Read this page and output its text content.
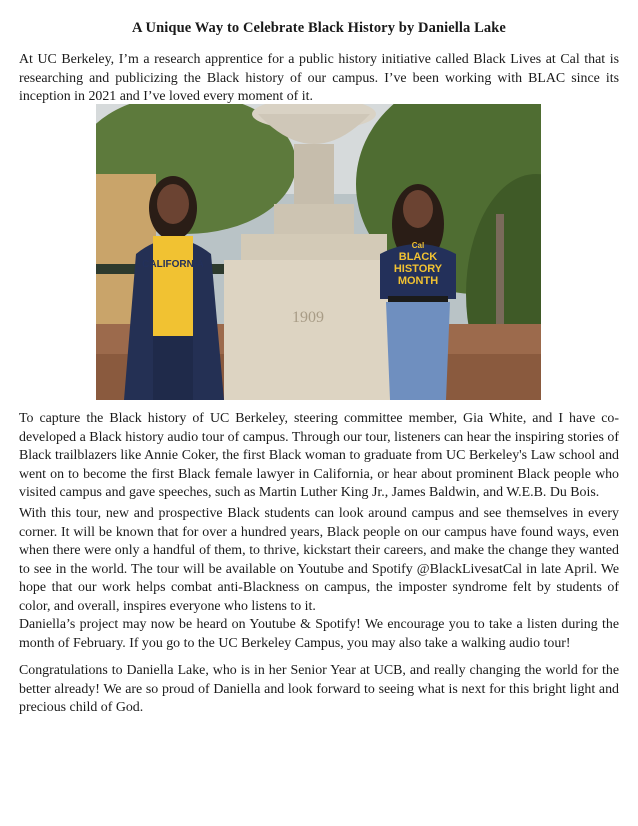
A Unique Way to Celebrate Black History by Daniella Lake

At UC Berkeley, I’m a research apprentice for a public history initiative called Black Lives at Cal that is researching and publicizing the Black history of our campus. I’ve been working with BLAC since its inception in 2021 and I’ve loved every moment of it.

1909
CALIFORNIA
Cal
BLACK
HISTORY
MONTH

To capture the Black history of UC Berkeley, steering committee member, Gia White, and I have co-developed a Black history audio tour of campus. Through our tour, listeners can hear the inspiring stories of Black trailblazers like Annie Coker, the first Black woman to graduate from UC Berkeley's Law school and went on to become the first Black female lawyer in California, or hear about prominent Black people who visited campus and gave speeches, such as Martin Luther King Jr., James Baldwin, and W.E.B. Du Bois.

With this tour, new and prospective Black students can look around campus and see themselves in every corner. It will be known that for over a hundred years, Black people on our campus have found ways, even when there were only a handful of them, to thrive, kickstart their careers, and make the change they wanted to see in the world. The tour will be available on Youtube and Spotify @BlackLivesatCal in late April. We hope that our work helps combat anti-Blackness on campus, the imposter syndrome felt by students of color, and overall, inspires everyone who listens to it.

Daniella’s project may now be heard on Youtube & Spotify! We encourage you to take a listen during the month of February. If you go to the UC Berkeley Campus, you may also take a walking audio tour!

Congratulations to Daniella Lake, who is in her Senior Year at UCB, and really changing the world for the better already! We are so proud of Daniella and look forward to seeing what is next for this bright light and precious child of God.
